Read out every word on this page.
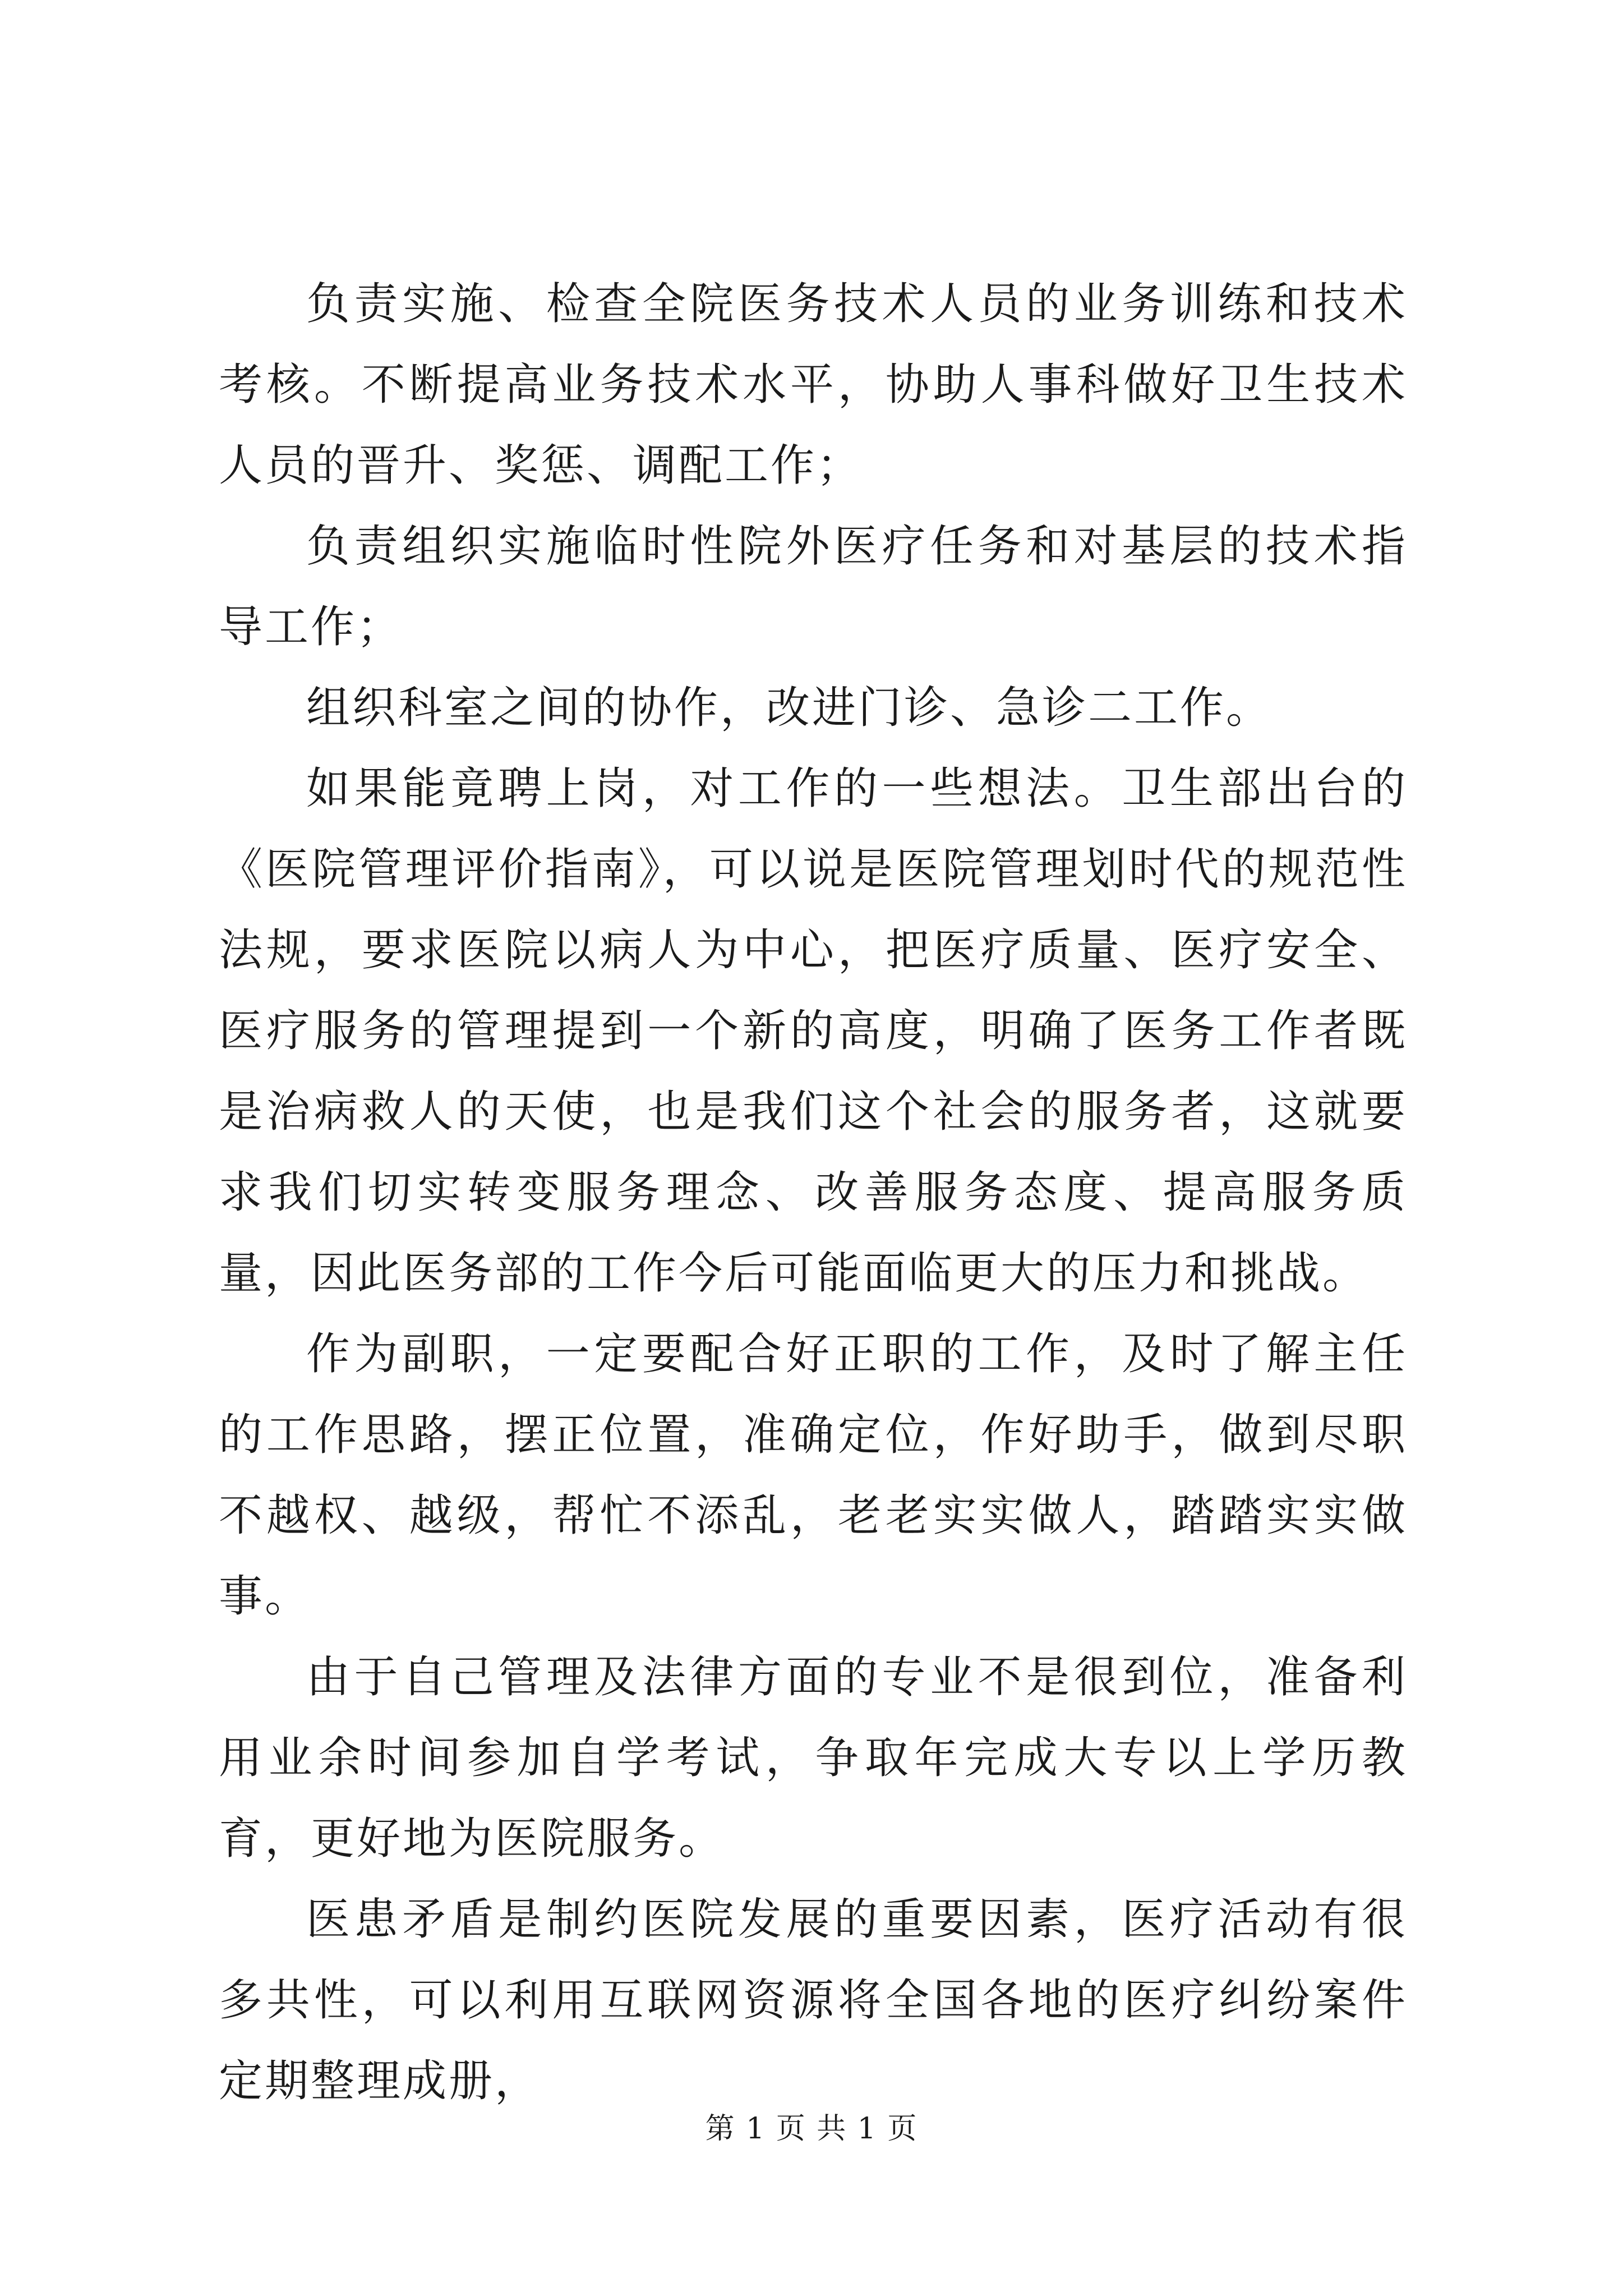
负责实施、检查全院医务技术人员的业务训练和技术考核。不断提高业务技术水平，协助人事科做好卫生技术人员的晋升、奖惩、调配工作；

负责组织实施临时性院外医疗任务和对基层的技术指导工作；

组织科室之间的协作，改进门诊、急诊二工作。

如果能竟聘上岗，对工作的一些想法。卫生部出台的《医院管理评价指南》，可以说是医院管理划时代的规范性法规，要求医院以病人为中心，把医疗质量、医疗安全、医疗服务的管理提到一个新的高度，明确了医务工作者既是治病救人的天使，也是我们这个社会的服务者，这就要求我们切实转变服务理念、改善服务态度、提高服务质量，因此医务部的工作今后可能面临更大的压力和挑战。

作为副职，一定要配合好正职的工作，及时了解主任的工作思路，摆正位置，准确定位，作好助手，做到尽职不越权、越级，帮忙不添乱，老老实实做人，踏踏实实做事。

由于自己管理及法律方面的专业不是很到位，准备利用业余时间参加自学考试，争取年完成大专以上学历教育，更好地为医院服务。

医患矛盾是制约医院发展的重要因素，医疗活动有很多共性，可以利用互联网资源将全国各地的医疗纠纷案件定期整理成册，

第 1 页 共 1 页
